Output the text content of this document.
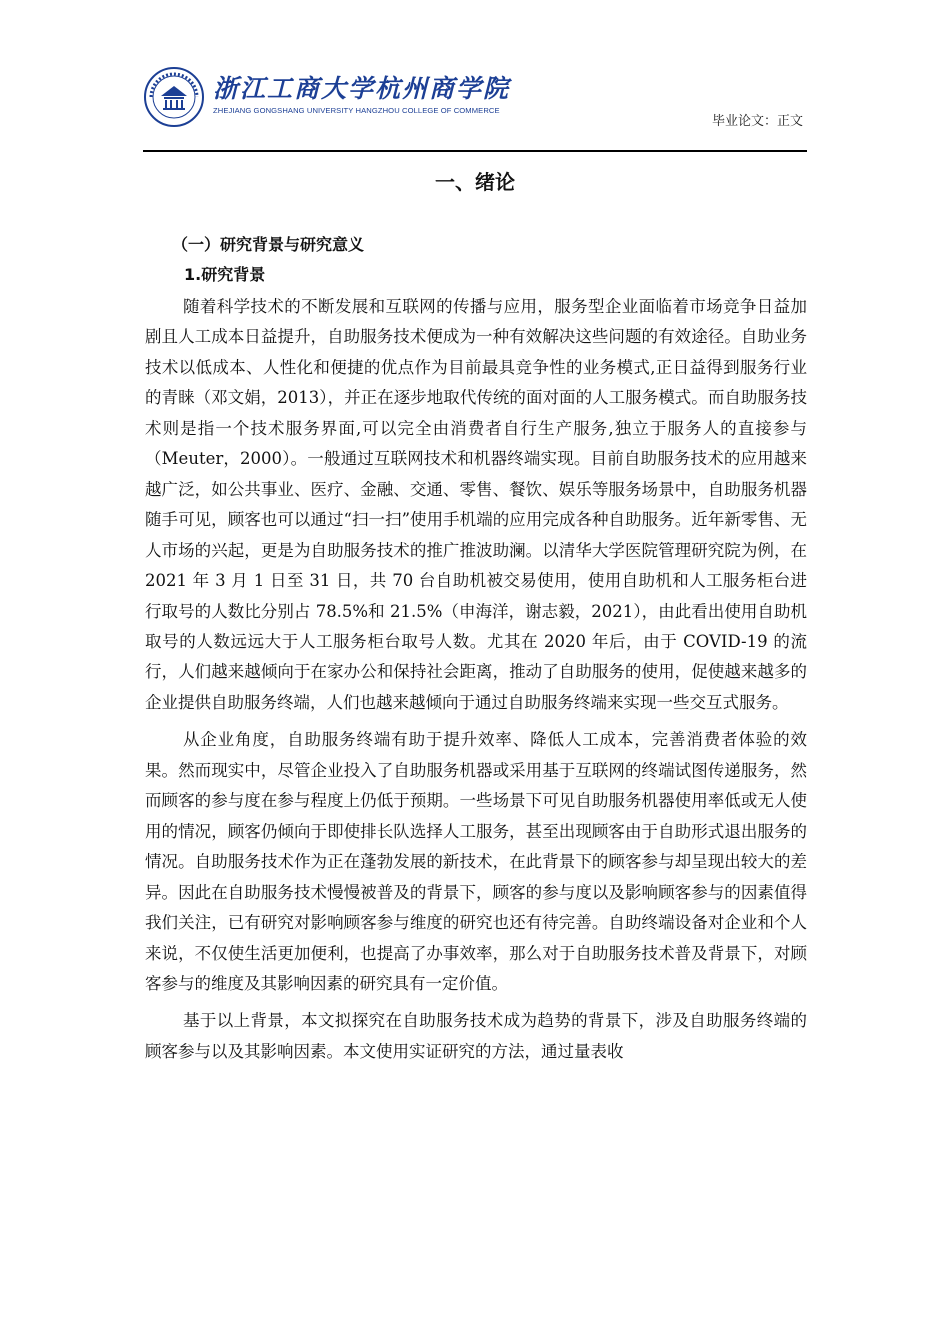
浙江工商大学杭州商学院
ZHEJIANG GONGSHANG UNIVERSITY HANGZHOU COLLEGE OF COMMERCE
毕业论文：正文
一、绪论
（一）研究背景与研究意义
1.研究背景

随着科学技术的不断发展和互联网的传播与应用，服务型企业面临着市场竞争日益加剧且人工成本日益提升，自助服务技术便成为一种有效解决这些问题的有效途径。自助业务技术以低成本、人性化和便捷的优点作为目前最具竞争性的业务模式,正日益得到服务行业的青睐（邓文娟，2013），并正在逐步地取代传统的面对面的人工服务模式。而自助服务技术则是指一个技术服务界面,可以完全由消费者自行生产服务,独立于服务人的直接参与（Meuter，2000）。一般通过互联网技术和机器终端实现。目前自助服务技术的应用越来越广泛，如公共事业、医疗、金融、交通、零售、餐饮、娱乐等服务场景中，自助服务机器随手可见，顾客也可以通过“扫一扫”使用手机端的应用完成各种自助服务。近年新零售、无人市场的兴起，更是为自助服务技术的推广推波助澜。以清华大学医院管理研究院为例，在 2021 年 3 月 1 日至 31 日，共 70 台自助机被交易使用，使用自助机和人工服务柜台进行取号的人数比分别占 78.5%和 21.5%（申海洋，谢志毅，2021），由此看出使用自助机取号的人数远远大于人工服务柜台取号人数。尤其在 2020 年后，由于 COVID-19 的流行，人们越来越倾向于在家办公和保持社会距离，推动了自助服务的使用，促使越来越多的企业提供自助服务终端，人们也越来越倾向于通过自助服务终端来实现一些交互式服务。

从企业角度，自助服务终端有助于提升效率、降低人工成本，完善消费者体验的效果。然而现实中，尽管企业投入了自助服务机器或采用基于互联网的终端试图传递服务，然而顾客的参与度在参与程度上仍低于预期。一些场景下可见自助服务机器使用率低或无人使用的情况，顾客仍倾向于即使排长队选择人工服务，甚至出现顾客由于自助形式退出服务的情况。自助服务技术作为正在蓬勃发展的新技术，在此背景下的顾客参与却呈现出较大的差异。因此在自助服务技术慢慢被普及的背景下，顾客的参与度以及影响顾客参与的因素值得我们关注，已有研究对影响顾客参与维度的研究也还有待完善。自助终端设备对企业和个人来说，不仅使生活更加便利，也提高了办事效率，那么对于自助服务技术普及背景下，对顾客参与的维度及其影响因素的研究具有一定价值。

基于以上背景，本文拟探究在自助服务技术成为趋势的背景下，涉及自助服务终端的顾客参与以及其影响因素。本文使用实证研究的方法，通过量表收
